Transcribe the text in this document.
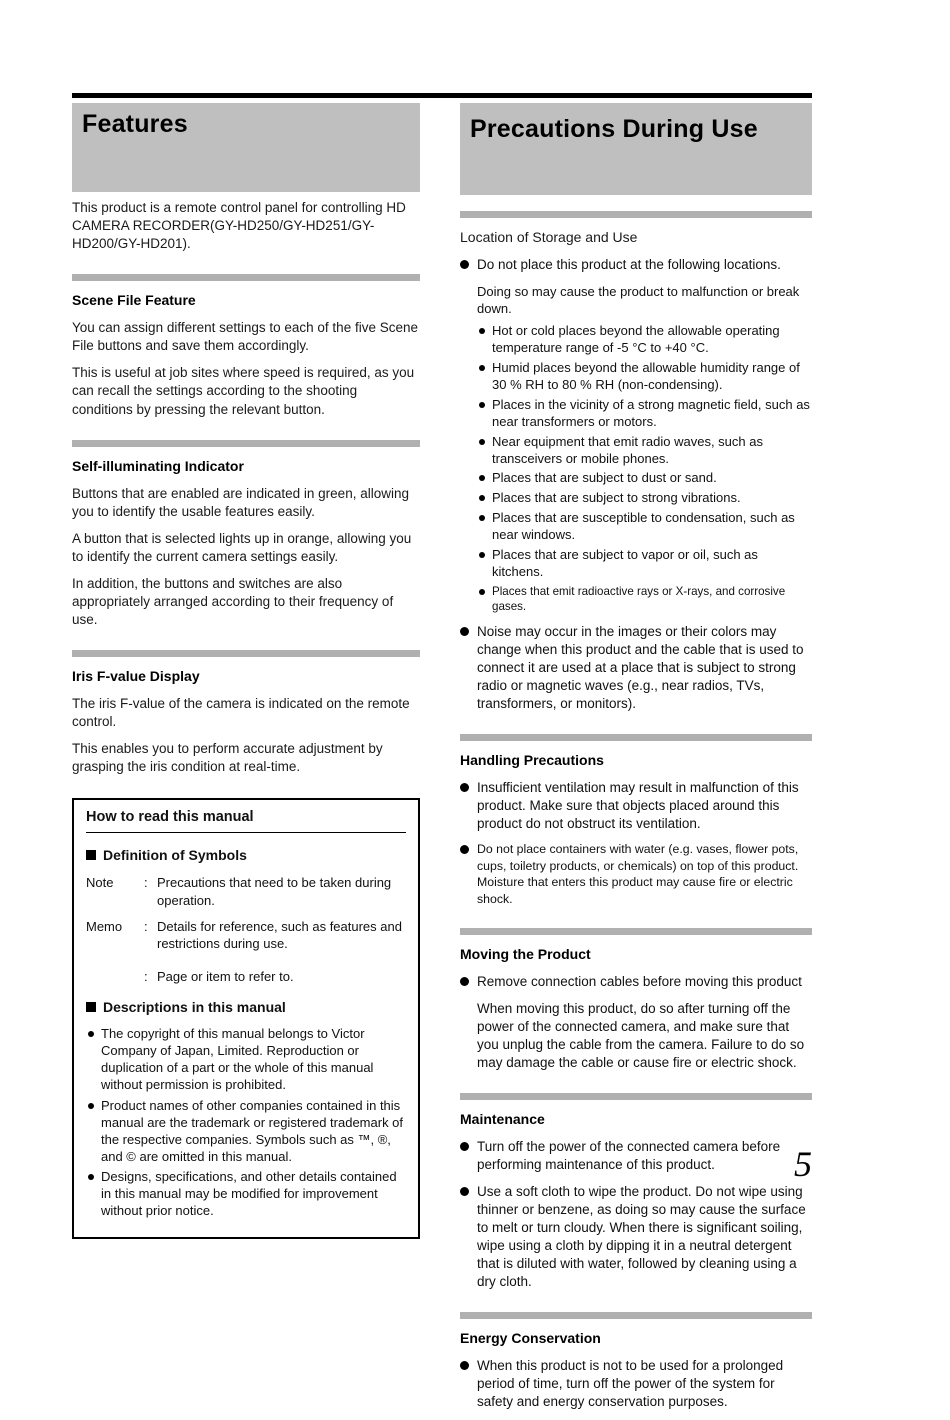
Features

This product is a remote control panel for controlling HD CAMERA RECORDER(GY-HD250/GY-HD251/GY-HD200/GY-HD201).

Scene File Feature

You can assign different settings to each of the five Scene File buttons and save them accordingly.

This is useful at job sites where speed is required, as you can recall the settings according to the shooting conditions by pressing the relevant button.

Self-illuminating Indicator

Buttons that are enabled are indicated in green, allowing you to identify the usable features easily.

A button that is selected lights up in orange, allowing you to identify the current camera settings easily.

In addition, the buttons and switches are also appropriately arranged according to their frequency of use.

Iris F-value Display

The iris F-value of the camera is indicated on the remote control.

This enables you to perform accurate adjustment by grasping the iris condition at real-time.

How to read this manual
Definition of Symbols
Note	: Precautions that need to be taken during operation.
Memo	: Details for reference, such as features and restrictions during use.
: Page or item to refer to.
Descriptions in this manual
The copyright of this manual belongs to Victor Company of Japan, Limited. Reproduction or duplication of a part or the whole of this manual without permission is prohibited.
Product names of other companies contained in this manual are the trademark or registered trademark of the respective companies. Symbols such as ™, ®, and © are omitted in this manual.
Designs, specifications, and other details contained in this manual may be modified for improvement without prior notice.
Precautions During Use
Location of Storage and Use
Do not place this product at the following locations.

Doing so may cause the product to malfunction or break down.

Hot or cold places beyond the allowable operating temperature range of -5 °C to +40 °C.
Humid places beyond the allowable humidity range of 30 % RH to 80 % RH (non-condensing).
Places in the vicinity of a strong magnetic field, such as near transformers or motors.
Near equipment that emit radio waves, such as transceivers or mobile phones.
Places that are subject to dust or sand.
Places that are subject to strong vibrations.
Places that are susceptible to condensation, such as near windows.
Places that are subject to vapor or oil, such as kitchens.
Places that emit radioactive rays or X-rays, and corrosive gases.
Noise may occur in the images or their colors may change when this product and the cable that is used to connect it are used at a place that is subject to strong radio or magnetic waves (e.g., near radios, TVs, transformers, or monitors).
Handling Precautions
Insufficient ventilation may result in malfunction of this product. Make sure that objects placed around this product do not obstruct its ventilation.
Do not place containers with water (e.g. vases, flower pots, cups, toiletry products, or chemicals) on top of this product. Moisture that enters this product may cause fire or electric shock.
Moving the Product
Remove connection cables before moving this product

When moving this product, do so after turning off the power of the connected camera, and make sure that you unplug the cable from the camera. Failure to do so may damage the cable or cause fire or electric shock.

Maintenance
Turn off the power of the connected camera before performing maintenance of this product.
Use a soft cloth to wipe the product. Do not wipe using thinner or benzene, as doing so may cause the surface to melt or turn cloudy. When there is significant soiling, wipe using a cloth by dipping it in a neutral detergent that is diluted with water, followed by cleaning using a dry cloth.
Energy Conservation
When this product is not to be used for a prolonged period of time, turn off the power of the system for safety and energy conservation purposes.
5
